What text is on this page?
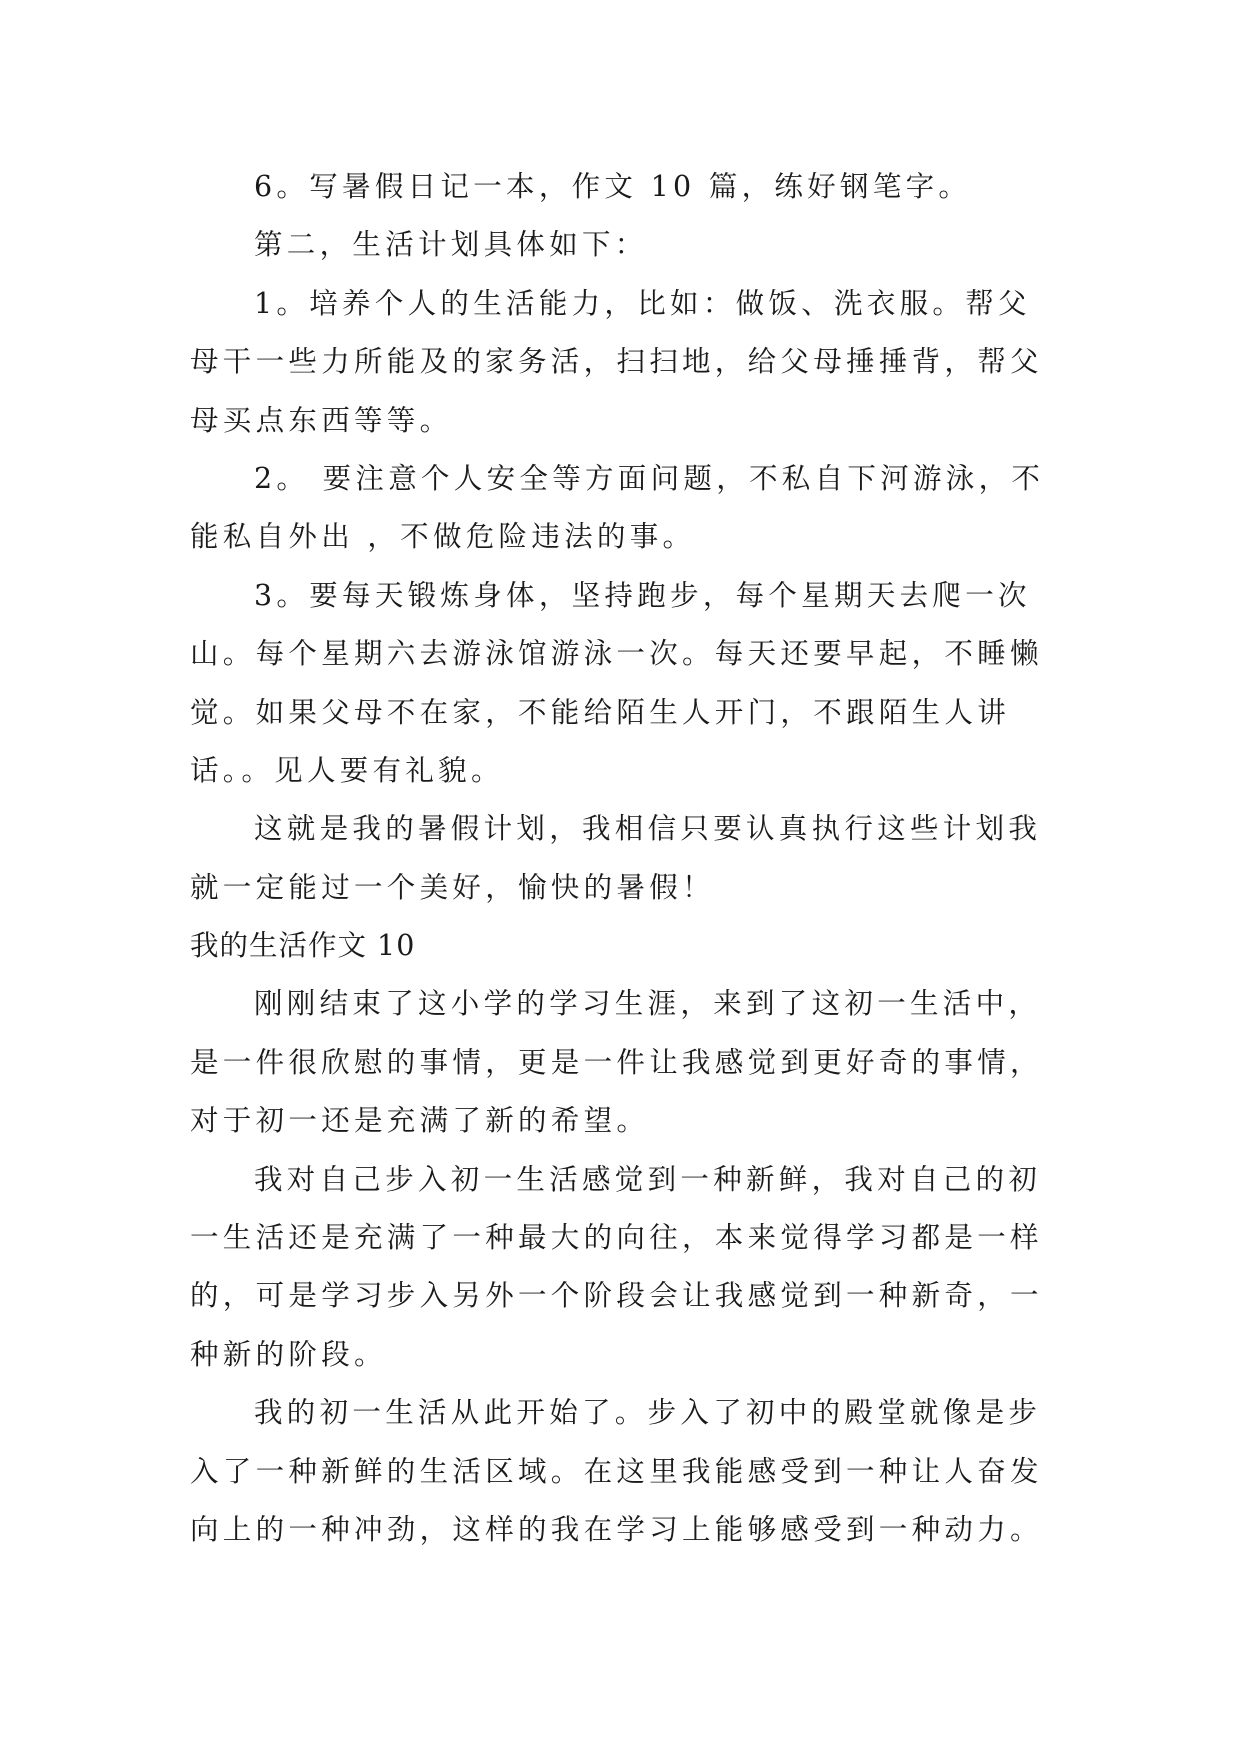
6。写暑假日记一本，作文 10 篇，练好钢笔字。
第二，生活计划具体如下：
1。培养个人的生活能力，比如：做饭、洗衣服。帮父
母干一些力所能及的家务活，扫扫地，给父母捶捶背，帮父
母买点东西等等。
2。 要注意个人安全等方面问题，不私自下河游泳，不
能私自外出 ，不做危险违法的事。
3。要每天锻炼身体，坚持跑步，每个星期天去爬一次
山。每个星期六去游泳馆游泳一次。每天还要早起，不睡懒
觉。如果父母不在家，不能给陌生人开门，不跟陌生人讲
话。。见人要有礼貌。
这就是我的暑假计划，我相信只要认真执行这些计划我
就一定能过一个美好，愉快的暑假！
我的生活作文 10
刚刚结束了这小学的学习生涯，来到了这初一生活中，
是一件很欣慰的事情，更是一件让我感觉到更好奇的事情，
对于初一还是充满了新的希望。
我对自己步入初一生活感觉到一种新鲜，我对自己的初
一生活还是充满了一种最大的向往，本来觉得学习都是一样
的，可是学习步入另外一个阶段会让我感觉到一种新奇，一
种新的阶段。
我的初一生活从此开始了。步入了初中的殿堂就像是步
入了一种新鲜的生活区域。在这里我能感受到一种让人奋发
向上的一种冲劲，这样的我在学习上能够感受到一种动力。
